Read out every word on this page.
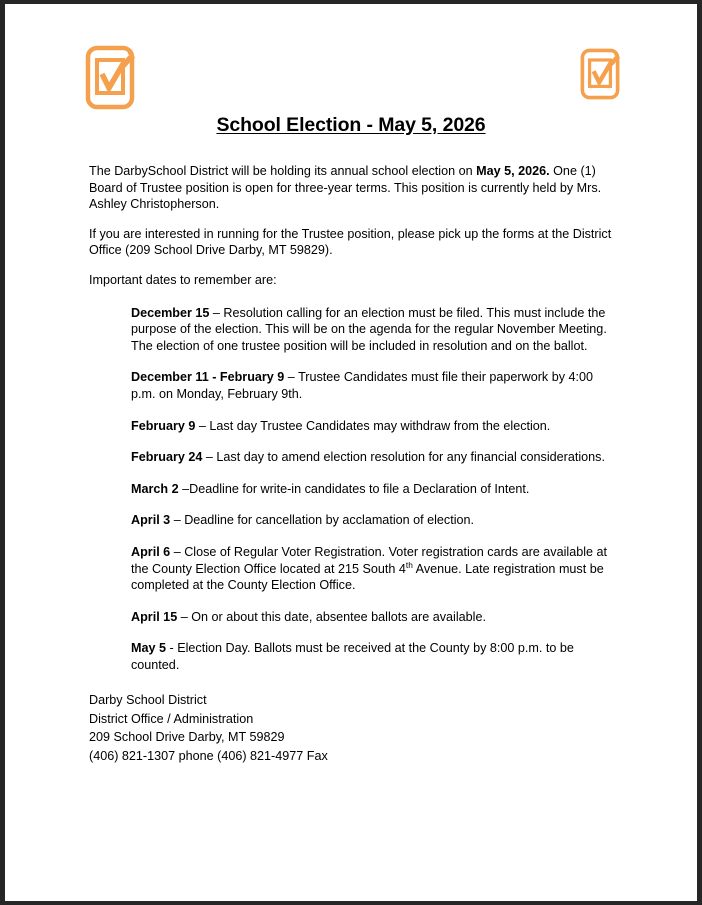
School Election - May 5, 2026

The DarbySchool District will be holding its annual school election on May 5, 2026. One (1) Board of Trustee position is open for three-year terms. This position is currently held by Mrs. Ashley Christopherson.

If you are interested in running for the Trustee position, please pick up the forms at the District Office (209 School Drive Darby, MT 59829).

Important dates to remember are:

December 15 – Resolution calling for an election must be filed. This must include the purpose of the election. This will be on the agenda for the regular November Meeting. The election of one trustee position will be included in resolution and on the ballot.
December 11 - February 9 – Trustee Candidates must file their paperwork by 4:00 p.m. on Monday, February 9th.
February 9 – Last day Trustee Candidates may withdraw from the election.
February 24 – Last day to amend election resolution for any financial considerations.
March 2 –Deadline for write-in candidates to file a Declaration of Intent.
April 3 – Deadline for cancellation by acclamation of election.
April 6 – Close of Regular Voter Registration. Voter registration cards are available at the County Election Office located at 215 South 4th Avenue. Late registration must be completed at the County Election Office.
April 15 – On or about this date, absentee ballots are available.
May 5 - Election Day. Ballots must be received at the County by 8:00 p.m. to be counted.
Darby School District
District Office / Administration
209 School Drive Darby, MT 59829
(406) 821-1307 phone (406) 821-4977 Fax
